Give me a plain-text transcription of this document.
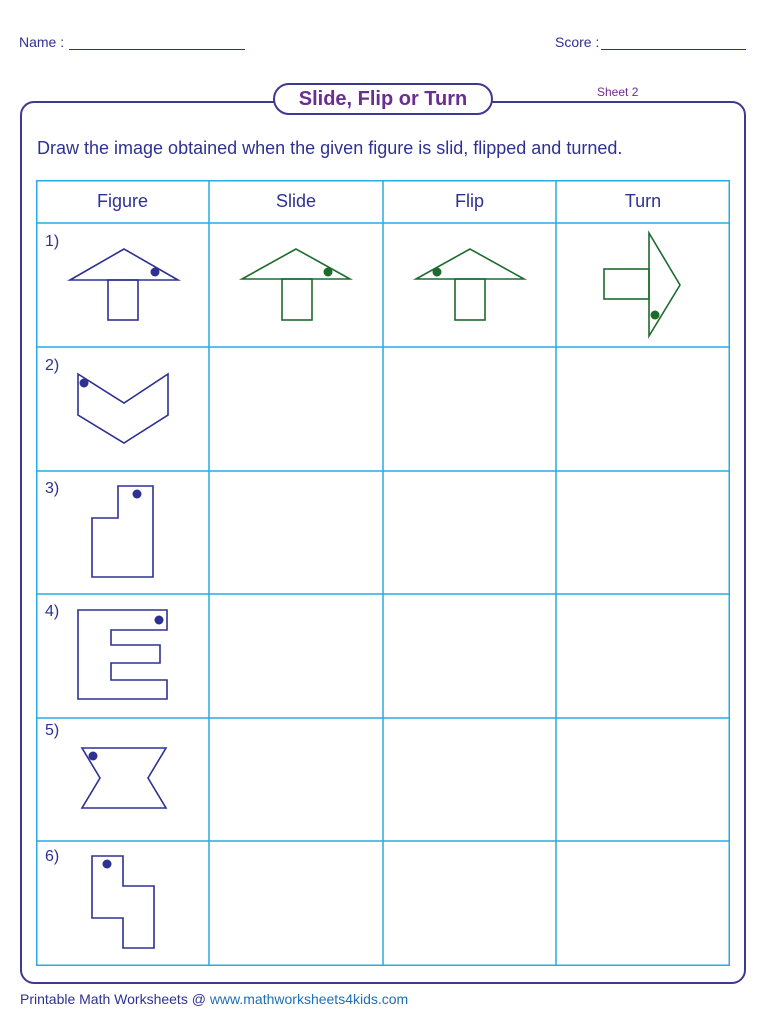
Name :	Score :
Slide, Flip or Turn	Sheet 2
Draw the image obtained when the given figure is slid, flipped and turned.
Figure	Slide	Flip	Turn
1)
2)
3)
4)
5)
6)
Printable Math Worksheets @ www.mathworksheets4kids.com
